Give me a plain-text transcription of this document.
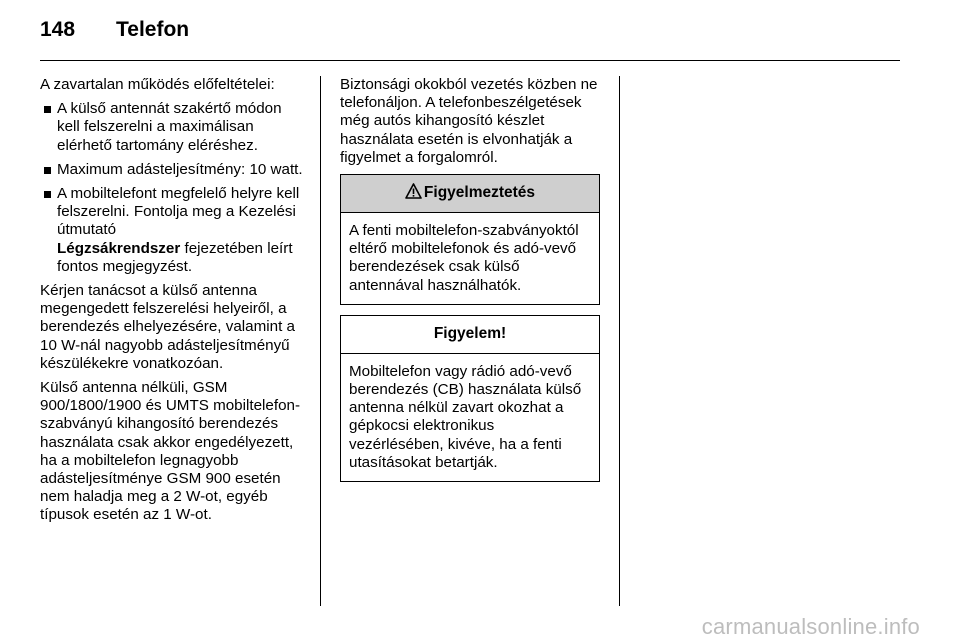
148	Telefon

A zavartalan működés előfeltételei:

A külső antennát szakértő módon kell felszerelni a maximálisan elérhető tartomány eléréshez.
Maximum adásteljesítmény: 10 watt.
A mobiltelefont megfelelő helyre kell felszerelni. Fontolja meg a Kezelési útmutató
Légzsákrendszer fejezetében leírt fontos megjegyzést.

Kérjen tanácsot a külső antenna megengedett felszerelési helyeiről, a berendezés elhelyezésére, valamint a 10 W-nál nagyobb adásteljesítményű készülékekre vonatkozóan.

Külső antenna nélküli, GSM 900/1800/1900 és UMTS mobiltelefon-szabványú kihangosító berendezés használata csak akkor engedélyezett, ha a mobiltelefon legnagyobb adásteljesítménye GSM 900 esetén nem haladja meg a 2 W-ot, egyéb típusok esetén az 1 W-ot.

Biztonsági okokból vezetés közben ne telefonáljon. A telefonbeszélgetések még autós kihangosító készlet használata esetén is elvonhatják a figyelmet a forgalomról.

Figyelmeztetés
A fenti mobiltelefon-szabványoktól eltérő mobiltelefonok és adó-vevő berendezések csak külső antennával használhatók.
Figyelem!
Mobiltelefon vagy rádió adó-vevő berendezés (CB) használata külső antenna nélkül zavart okozhat a gépkocsi elektronikus vezérlésében, kivéve, ha a fenti utasításokat betartják.
carmanualsonline.info
